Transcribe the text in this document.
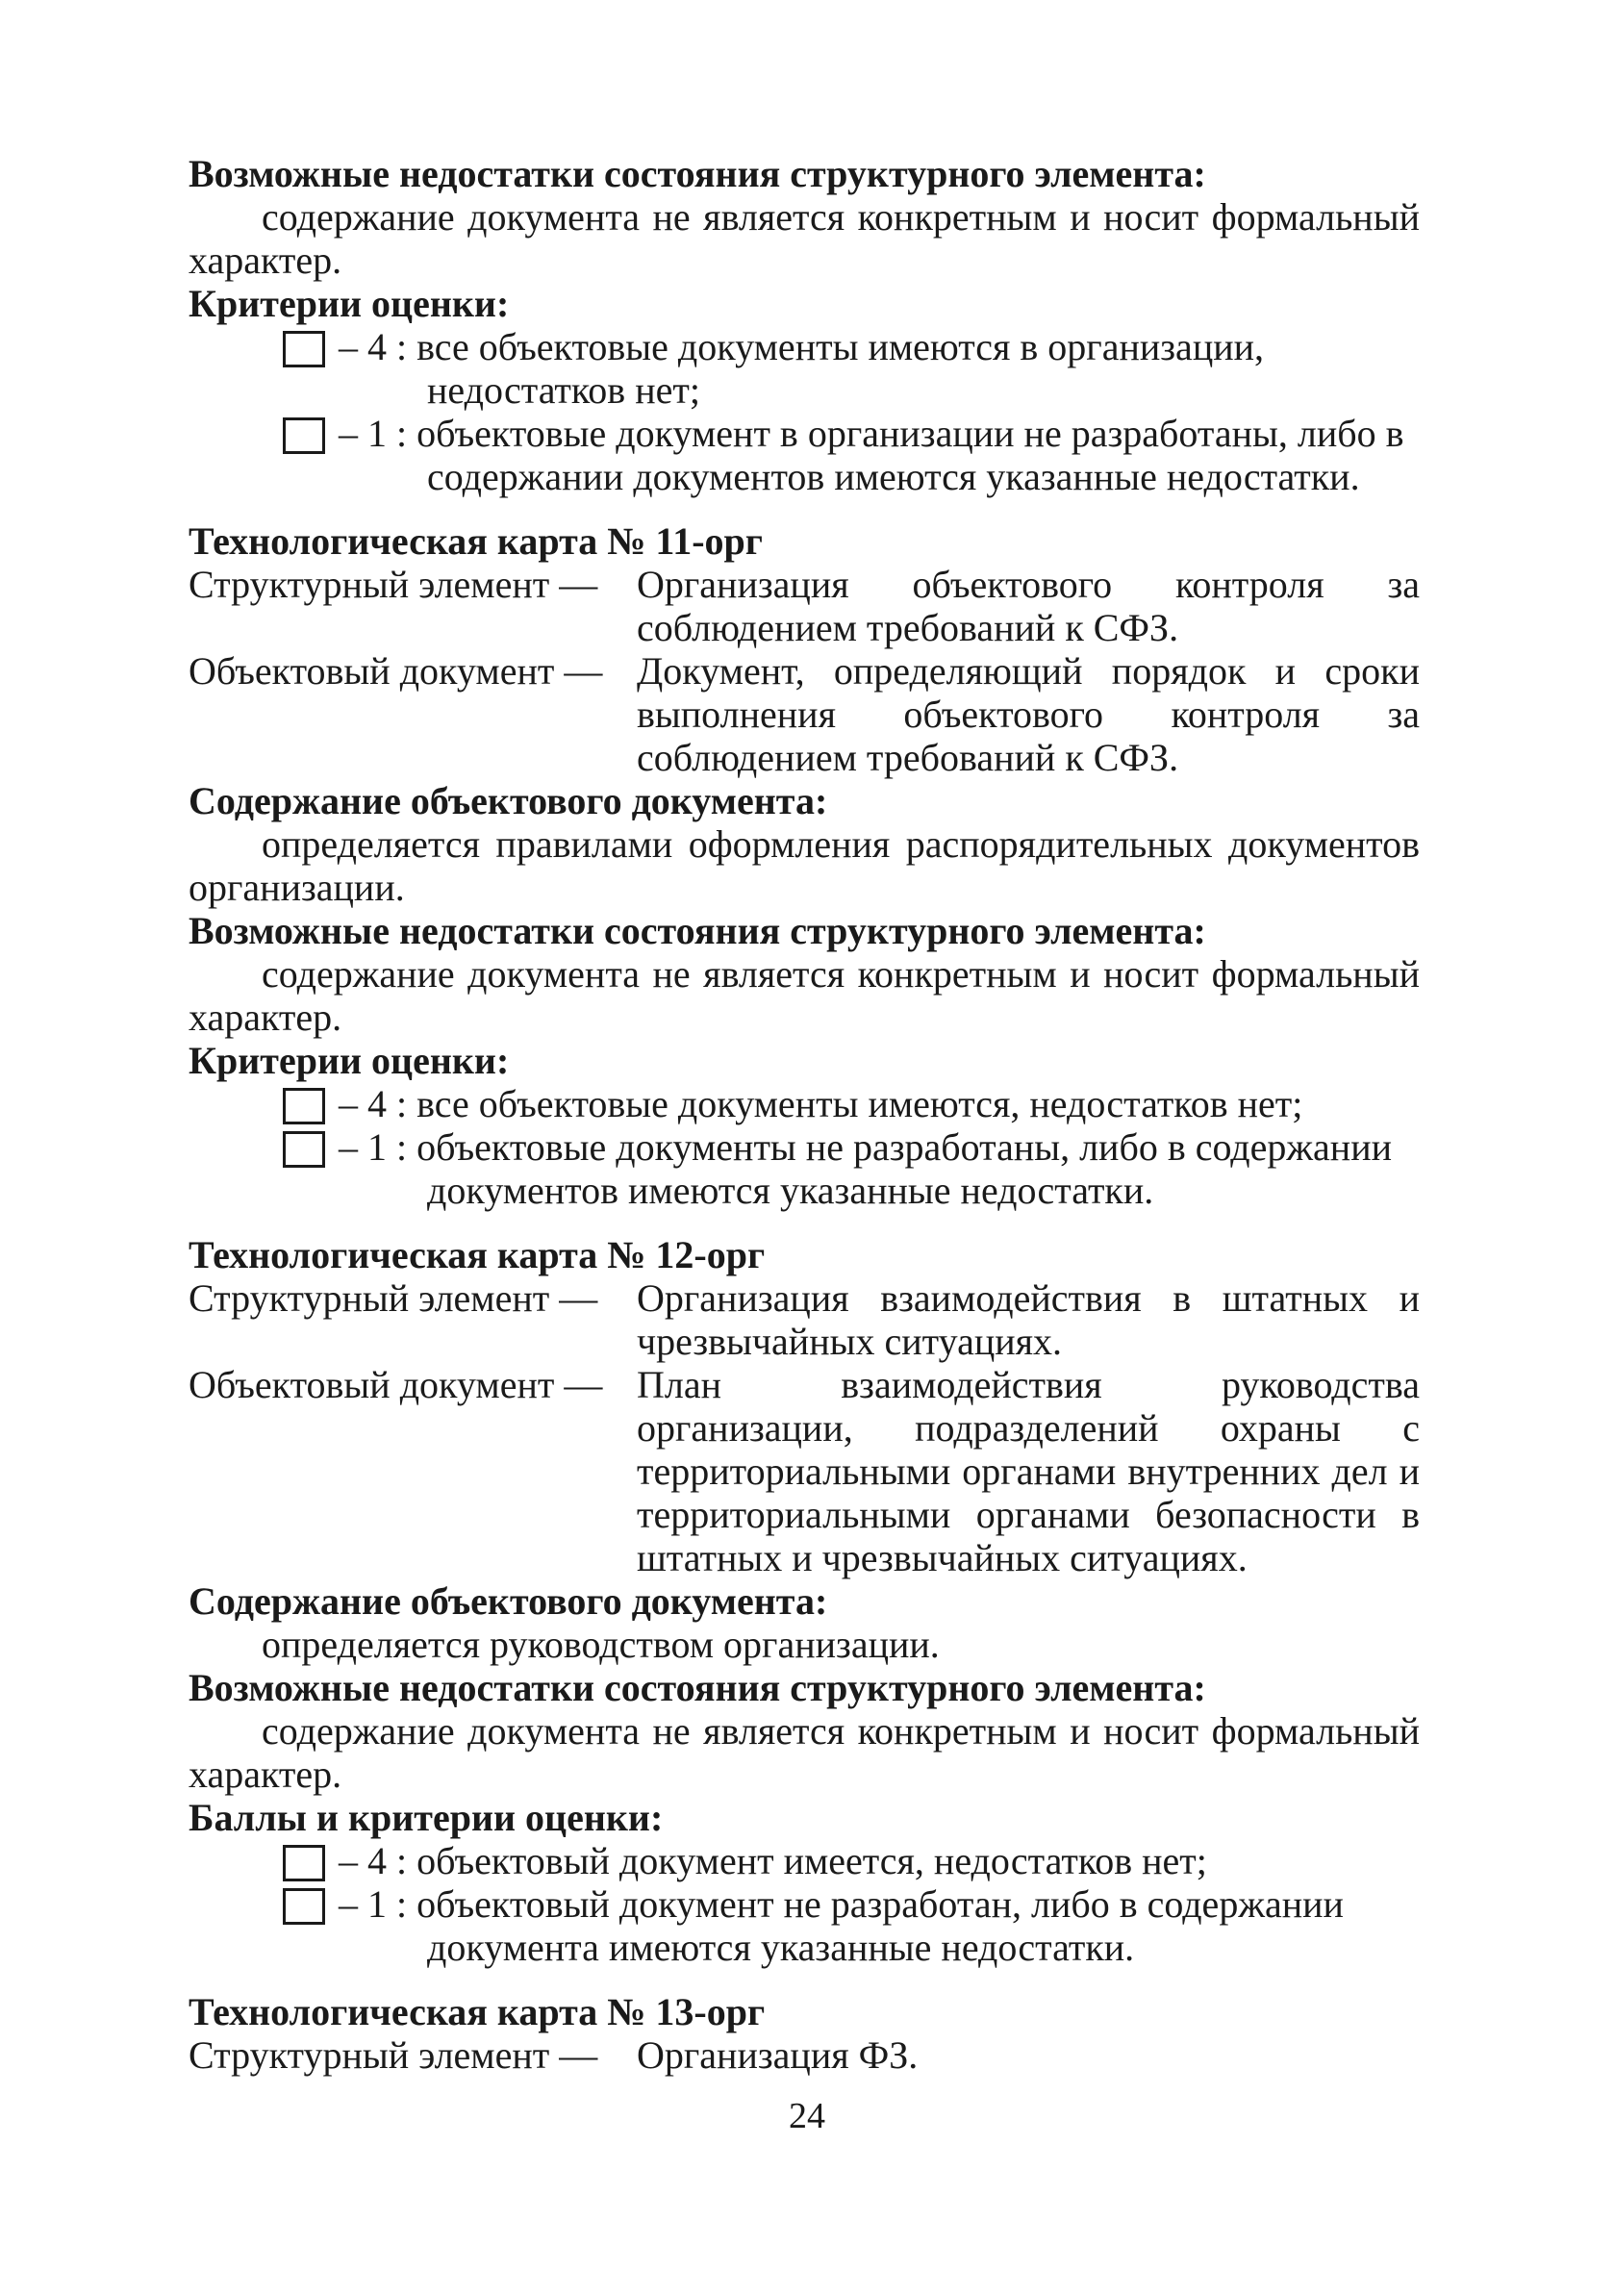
Возможные недостатки состояния структурного элемента:
содержание документа не является конкретным и носит формальный характер.
Критерии оценки:
– 4 : все объектовые документы имеются в организации,
недостатков нет;
– 1 : объектовые документ в организации не разработаны, либо в
содержании документов имеются указанные недостатки.
Технологическая карта № 11-орг
Структурный элемент —	Организация объектового контроля за соблюдением требований к СФЗ.
Объектовый документ — Документ, определяющий порядок и сроки выполнения объектового контроля за соблюдением требований к СФЗ.
Содержание объектового документа:
определяется правилами оформления распорядительных документов организации.
Возможные недостатки состояния структурного элемента:
содержание документа не является конкретным и носит формальный характер.
Критерии оценки:
– 4 : все объектовые документы имеются, недостатков нет;
– 1 : объектовые документы не разработаны, либо в содержании
документов имеются указанные недостатки.
Технологическая карта № 12-орг
Структурный элемент —	Организация взаимодействия в штатных и чрезвычайных ситуациях.
Объектовый документ — План взаимодействия руководства организации, подразделений охраны с территориальными органами внутренних дел и территориальными органами безопасности в штатных и чрезвычайных ситуациях.
Содержание объектового документа:
определяется руководством организации.
Возможные недостатки состояния структурного элемента:
содержание документа не является конкретным и носит формальный характер.
Баллы и критерии оценки:
– 4 : объектовый документ имеется, недостатков нет;
– 1 : объектовый документ не разработан, либо в содержании
документа имеются указанные недостатки.
Технологическая карта № 13-орг
Структурный элемент —	Организация ФЗ.
24
